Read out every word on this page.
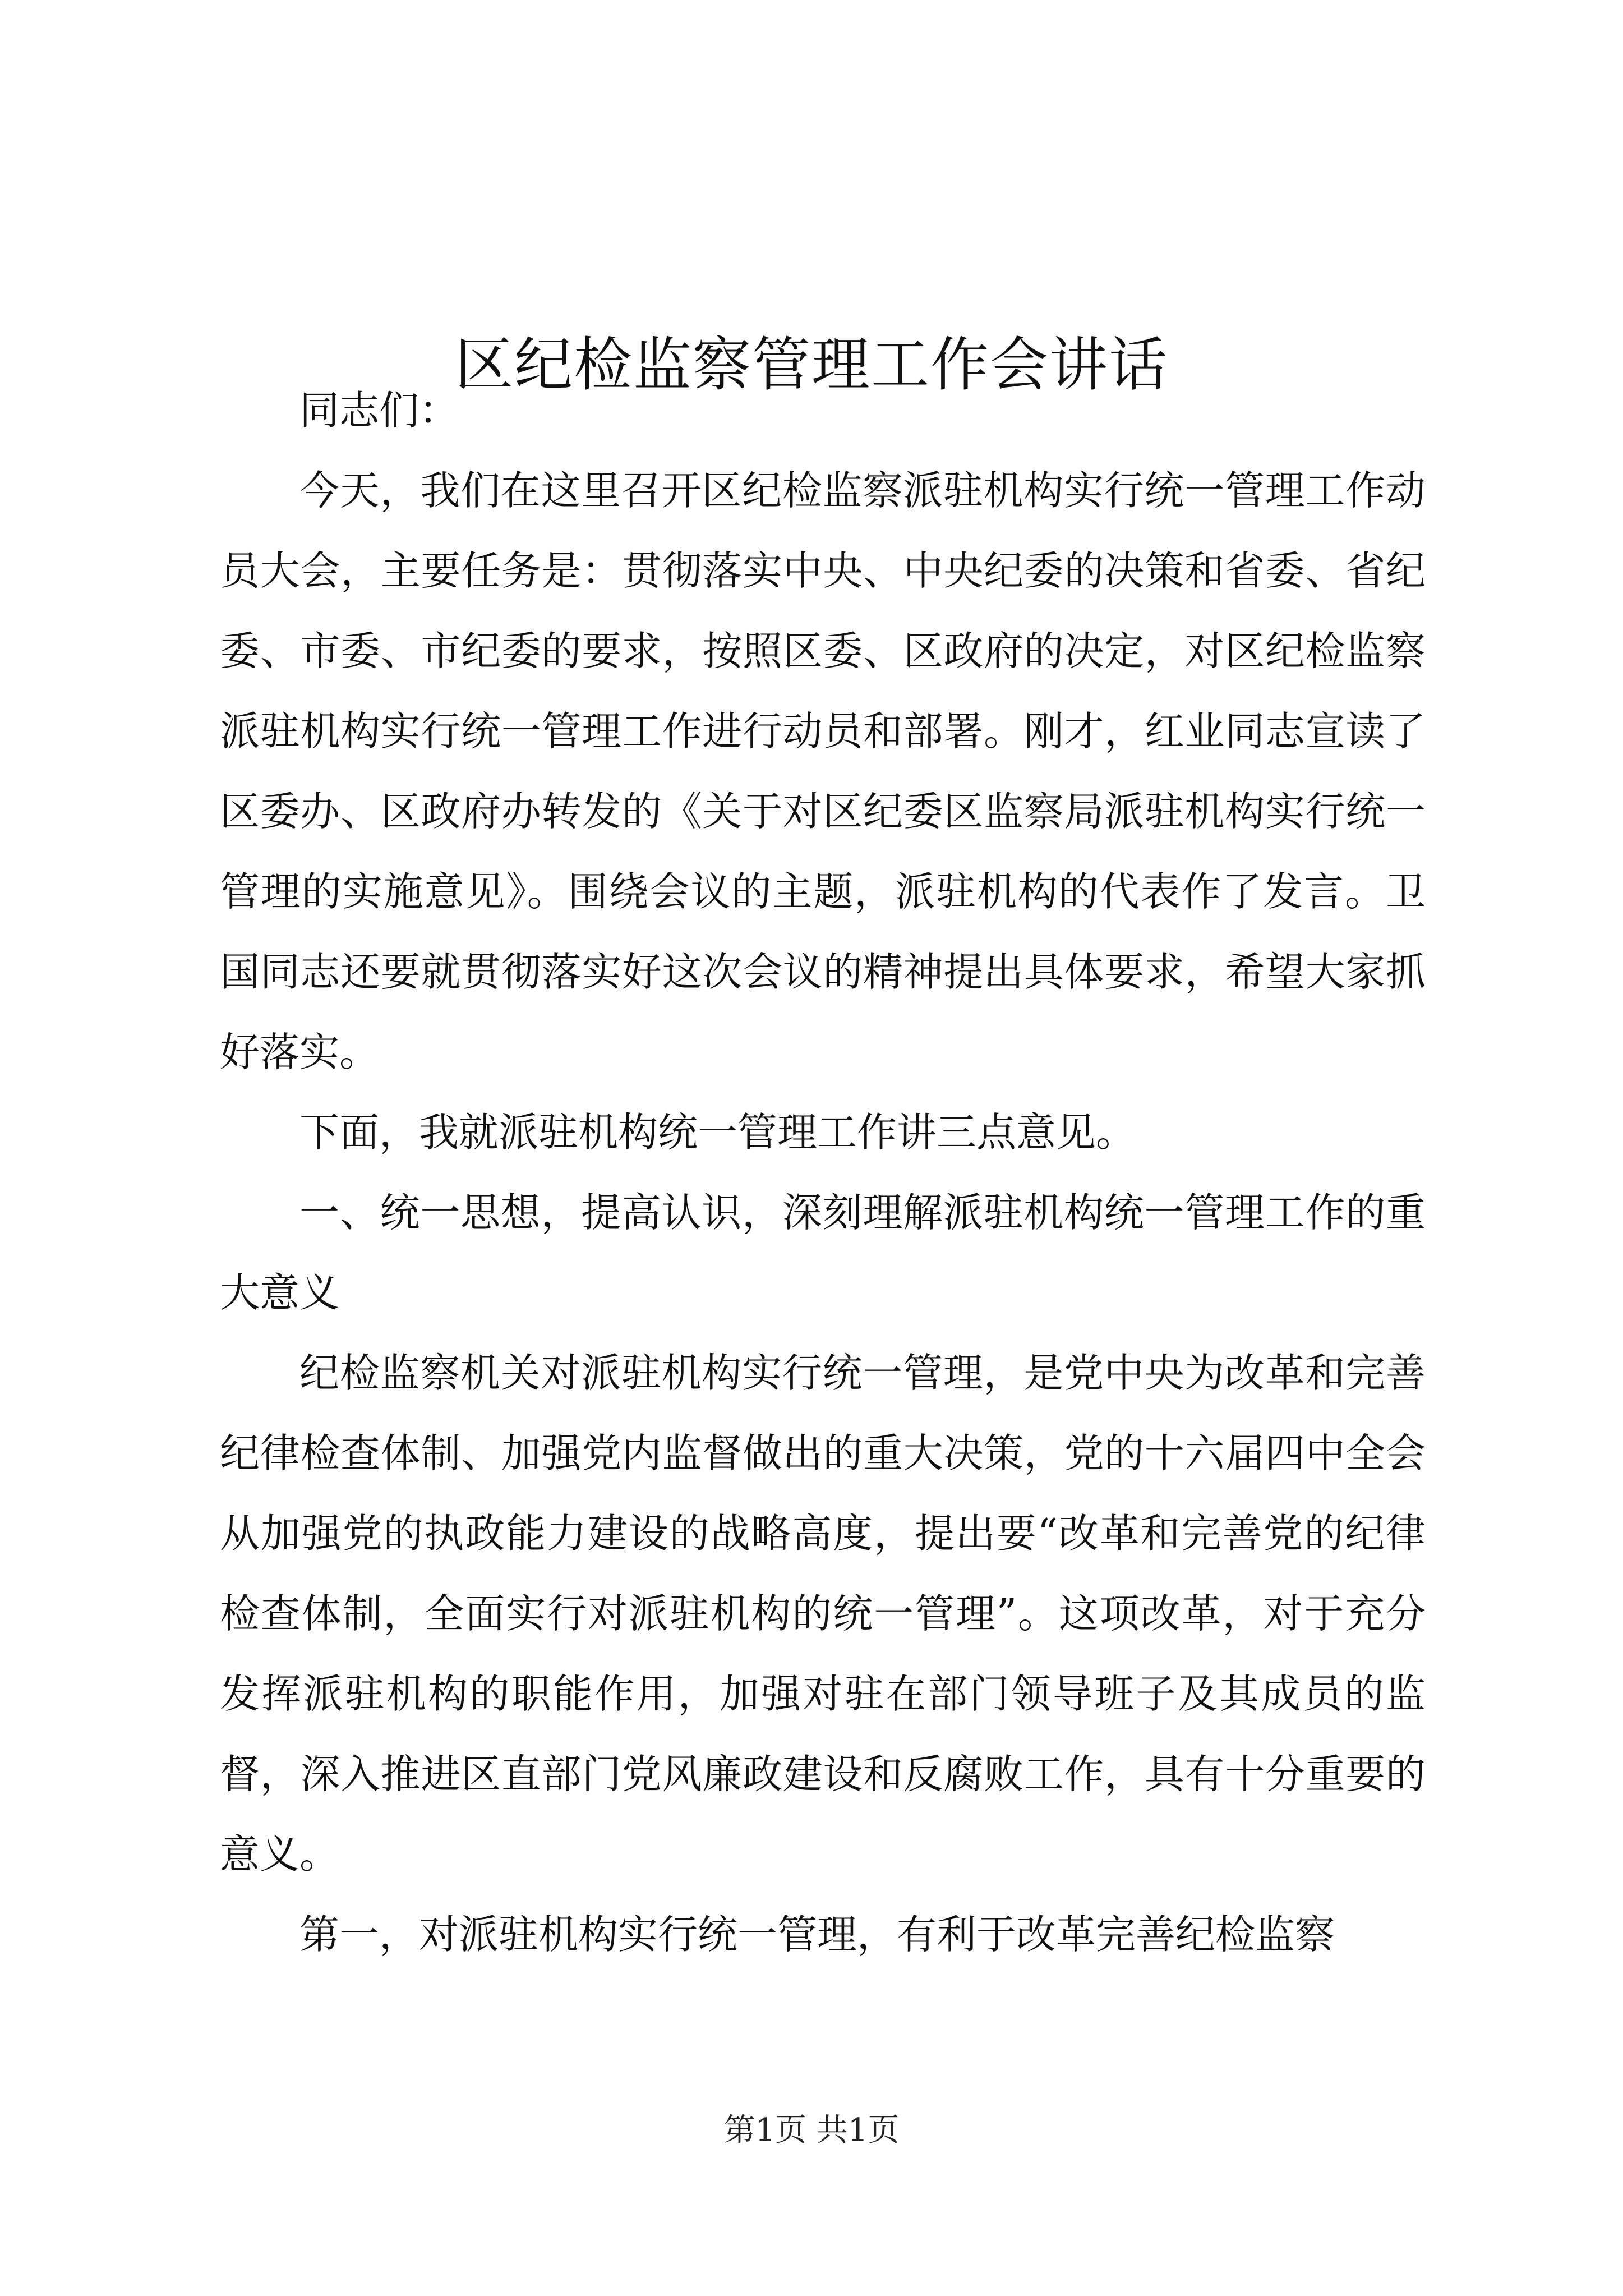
区纪检监察管理工作会讲话

同志们：

今天，我们在这里召开区纪检监察派驻机构实行统一管理工作动员大会，主要任务是：贯彻落实中央、中央纪委的决策和省委、省纪委、市委、市纪委的要求，按照区委、区政府的决定，对区纪检监察派驻机构实行统一管理工作进行动员和部署。刚才，红业同志宣读了区委办、区政府办转发的《关于对区纪委区监察局派驻机构实行统一管理的实施意见》。围绕会议的主题，派驻机构的代表作了发言。卫国同志还要就贯彻落实好这次会议的精神提出具体要求，希望大家抓好落实。

下面，我就派驻机构统一管理工作讲三点意见。

一、统一思想，提高认识，深刻理解派驻机构统一管理工作的重大意义

纪检监察机关对派驻机构实行统一管理，是党中央为改革和完善纪律检查体制、加强党内监督做出的重大决策，党的十六届四中全会从加强党的执政能力建设的战略高度，提出要“改革和完善党的纪律检查体制，全面实行对派驻机构的统一管理”。这项改革，对于充分发挥派驻机构的职能作用，加强对驻在部门领导班子及其成员的监督，深入推进区直部门党风廉政建设和反腐败工作，具有十分重要的意义。

第一，对派驻机构实行统一管理，有利于改革完善纪检监察

第1页 共1页
